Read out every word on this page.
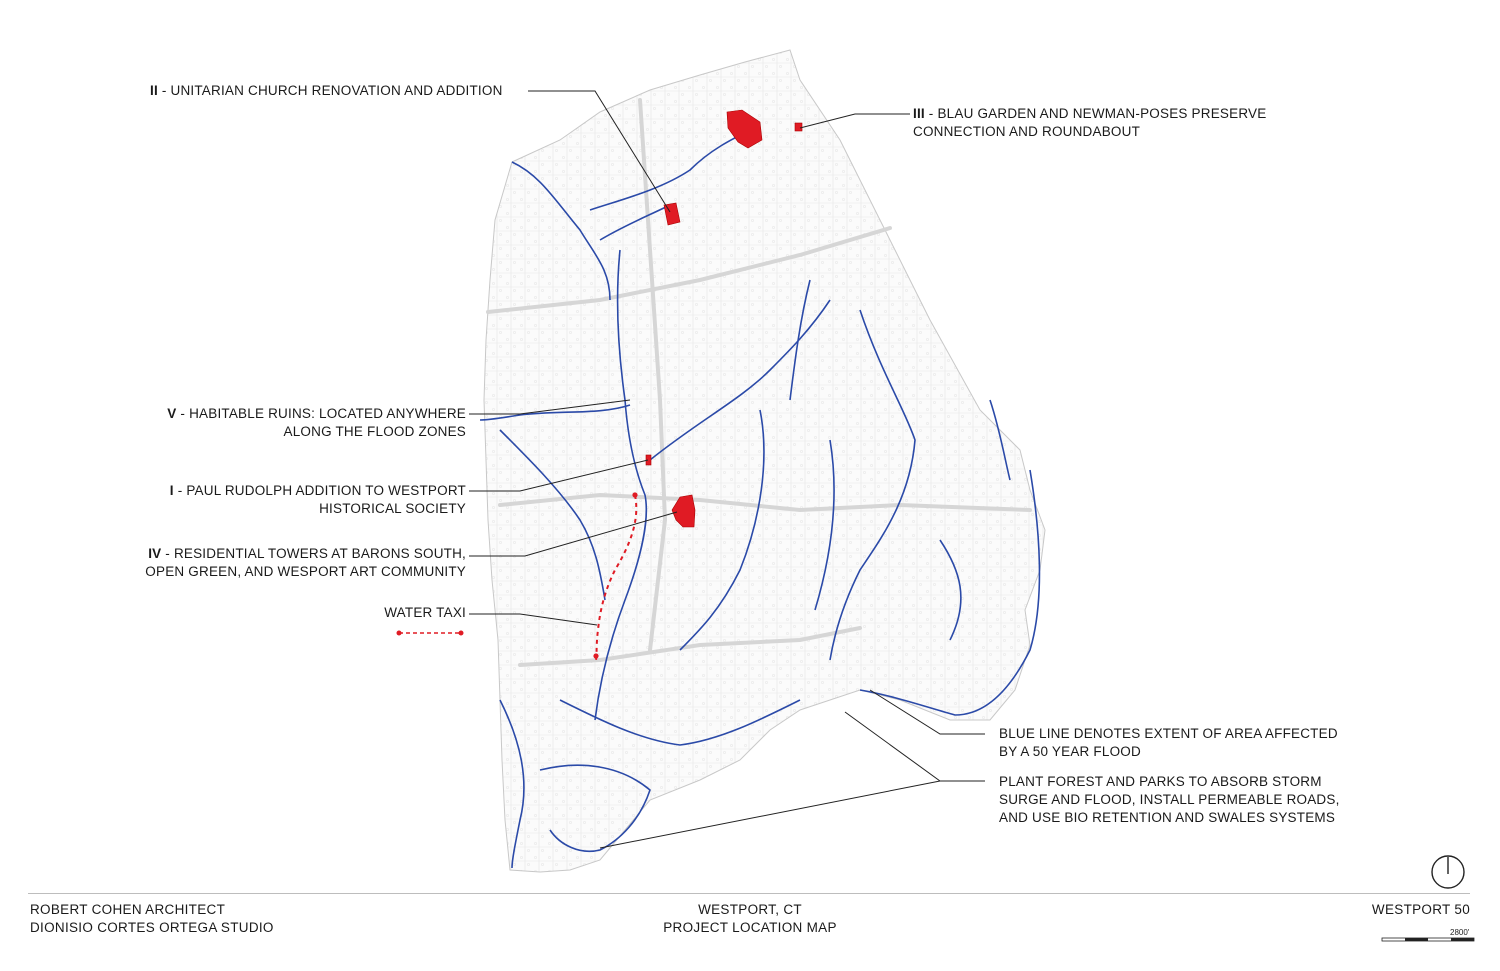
II - UNITARIAN CHURCH RENOVATION AND ADDITION
III - BLAU GARDEN AND NEWMAN-POSES PRESERVE
CONNECTION AND ROUNDABOUT
V - HABITABLE RUINS: LOCATED ANYWHERE
ALONG THE FLOOD ZONES
I - PAUL RUDOLPH ADDITION TO WESTPORT
HISTORICAL SOCIETY
IV - RESIDENTIAL TOWERS AT BARONS SOUTH,
OPEN GREEN, AND WESPORT ART COMMUNITY
WATER TAXI
BLUE LINE DENOTES EXTENT OF AREA AFFECTED
BY A 50 YEAR FLOOD
PLANT FOREST AND PARKS TO ABSORB STORM
SURGE AND FLOOD, INSTALL PERMEABLE ROADS,
AND USE BIO RETENTION AND SWALES SYSTEMS
ROBERT COHEN ARCHITECT
DIONISIO CORTES ORTEGA STUDIO
WESTPORT, CT
PROJECT LOCATION MAP
WESTPORT 50
2800'
